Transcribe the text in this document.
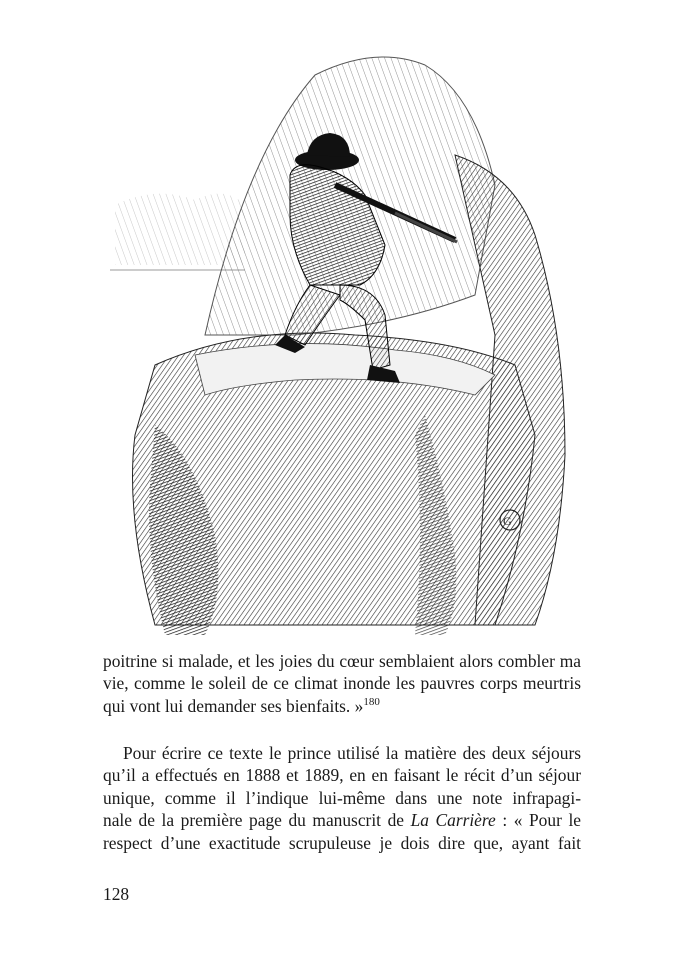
G
poitrine si malade, et les joies du cœur semblaient alors combler ma
vie, comme le soleil de ce climat inonde les pauvres corps meurtris
qui vont lui demander ses bienfaits. »$^{180}$
Pour écrire ce texte le prince utilisé la matière des deux séjours
qu’il a effectués en 1888 et 1889, en en faisant le récit d’un séjour
unique, comme il l’indique lui-même dans une note infrapagi-
nale de la première page du manuscrit de La Carrière : « Pour le
respect d’une exactitude scrupuleuse je dois dire que, ayant fait
128
